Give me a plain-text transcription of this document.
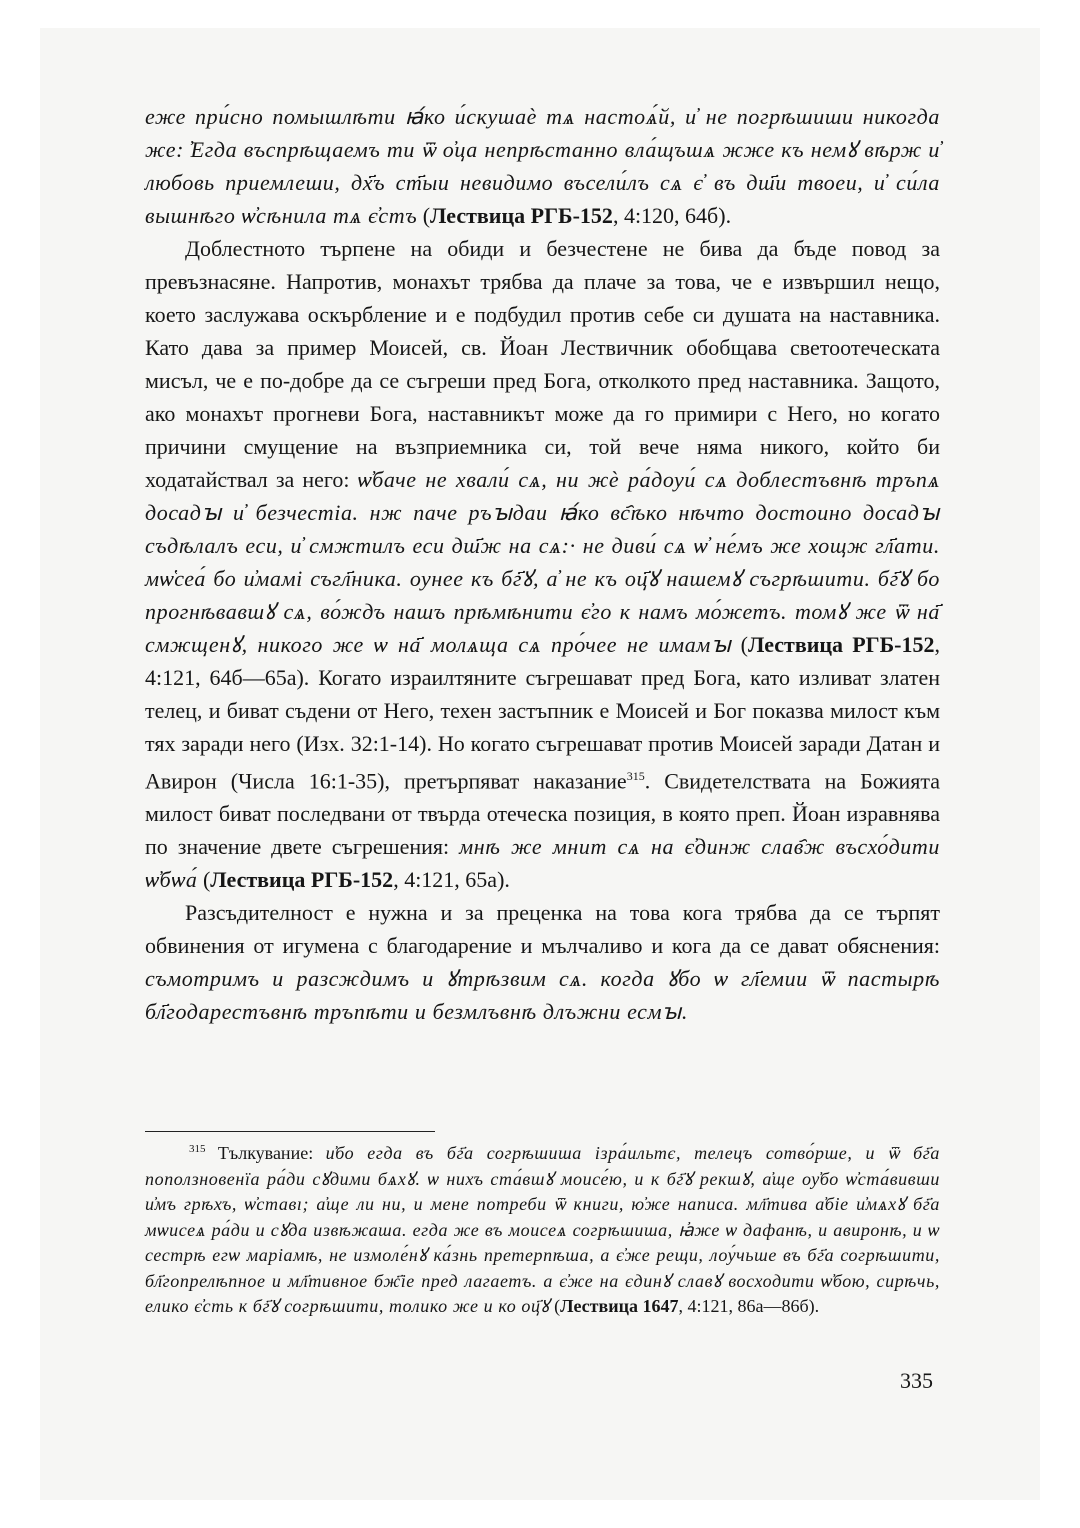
еже при́сно помышлѣти ꙗ́ко и́скушаѐ тѧ настоѧ́й, и҆ не погрѣшиши никогда же: ̓Егда въспрѣщаемъ ти ѿ о҆ца непрѣстанно вла́щъшѧ жже къ немꙋ вѣрж и҆ любовь приемлеши, дх҃ъ ст҃ыи невидимо въсели́лъ сѧ є҆ въ дш҃и твоеи, и҆ си́ла вышнѣго ѡ҆сѣнила тѧ є҆стъ (Лествица РГБ-152, 4:120, 64б).

Доблестното търпене на обиди и безчестене не бива да бъде повод за превъзнасяне. Напротив, монахът трябва да плаче за това, че е извършил нещо, което заслужава оскърбление и е подбудил против себе си душата на наставника. Като дава за пример Моисей, св. Йоан Лествичник обобщава светоотеческата мисъл, че е по-добре да се съгреши пред Бога, отколкото пред наставника. Защото, ако монахът прогневи Бога, наставникът може да го примири с Него, но когато причини смущение на възприемника си, той вече няма никого, който би ходатайствал за него: ѡ҆баче не хвали́ сѧ, ни жѐ ра́доуи́ сѧ доблестъвнѣ тръпѧ досадꙑ и҆ безчестіа. нж паче ръꙑдаи ꙗ́ко вс҄ѣко нѣчто достоино досадꙑ съдѣлалъ еси, и҆ смжтилъ еси дш҃ж на сѧ:· не диви́ сѧ ѡ҆ не́мъ же хощж гл҃ати. мѡ҅сеа́ бо и҆мамі съгл҃ника. оунее къ бг҃ꙋ, а҆ не къ оц҃ꙋ нашемꙋ съгрѣшити. бг҃ꙋ бо прогнѣвавшꙋ сѧ, во́ждъ нашъ прѣмѣнити є҆го к намъ мо́жетъ. томꙋ же ѿ на҃ смжщенꙋ, никого же ѡ на҃ молѧща сѧ про́чее не имамꙑ (Лествица РГБ-152, 4:121, 64б—65а). Когато израилтяните съгрешават пред Бога, като изливат златен телец, и биват съдени от Него, техен застъпник е Моисей и Бог показва милост към тях заради него (Изх. 32:1-14). Но когато съгрешават против Моисей заради Датан и Авирон (Числа 16:1-35), претърпяват наказание$^{315}$. Свидетелствата на Божията милост биват последвани от твърда отеческа позиция, в която преп. Йоан изравнява по значение двете съгрешения: мнѣ же мнит сѧ на є҆динж слав҄ж въсхо́дити ѡ҆бѡа́ (Лествица РГБ-152, 4:121, 65а).

Разсъдителност е нужна и за преценка на това кога трябва да се търпят обвинения от игумена с благодарение и мълчаливо и кога да се дават обяснения: съмотримъ и разсждимъ и ꙋтрѣзвим сѧ. когда ꙋбо ѡ гл҃емии ѿ пастырѣ бл҃годарестъвнѣ тръпѣти и безмлъвнѣ длъжни есмꙑ.

$^{315}$ Тълкувание: и҆бо егда въ бг҃а согрѣшиша ізра́ильтє, телецъ сотво́рше, и ѿ бг҃а поползновенїа ра́ди сꙋдими бѧхꙋ. ѡ нихъ ста́вшꙋ моисе́ю, и к бг҃ꙋ рекшꙋ, а҆ще оу҆бо ѡ҆ста́вивши и҆мъ грѣхъ, ѡ҆ставı; а҆ще ли ни, и мене потреби ѿ книги, ю҆же написа. мл҃тива а҆біе и҆мѧхꙋ бг҃а мѡисеѧ ра́ди и сꙋда извѣжаша. егда же въ моисеѧ согрѣшиша, ꙗ҆же ѡ дафанѣ, и авиронѣ, и ѡ сестрѣ егѡ маріамѣ, не измоле́нꙋ ка́знь претерпѣша, а є҆же рещи, лоу́чьше въ бг҃а согрѣшити, бл҃гопрелѣпное и мл҃тивное бж҃іе пред лагаетъ. а є҆же на єдинꙋ славꙋ восходити ѡ҆бою, сирѣчь, елико є҆сть к бг҃ꙋ согрѣшити, толико же и ко оц҃ꙋ (Лествица 1647, 4:121, 86а—86б).
335
